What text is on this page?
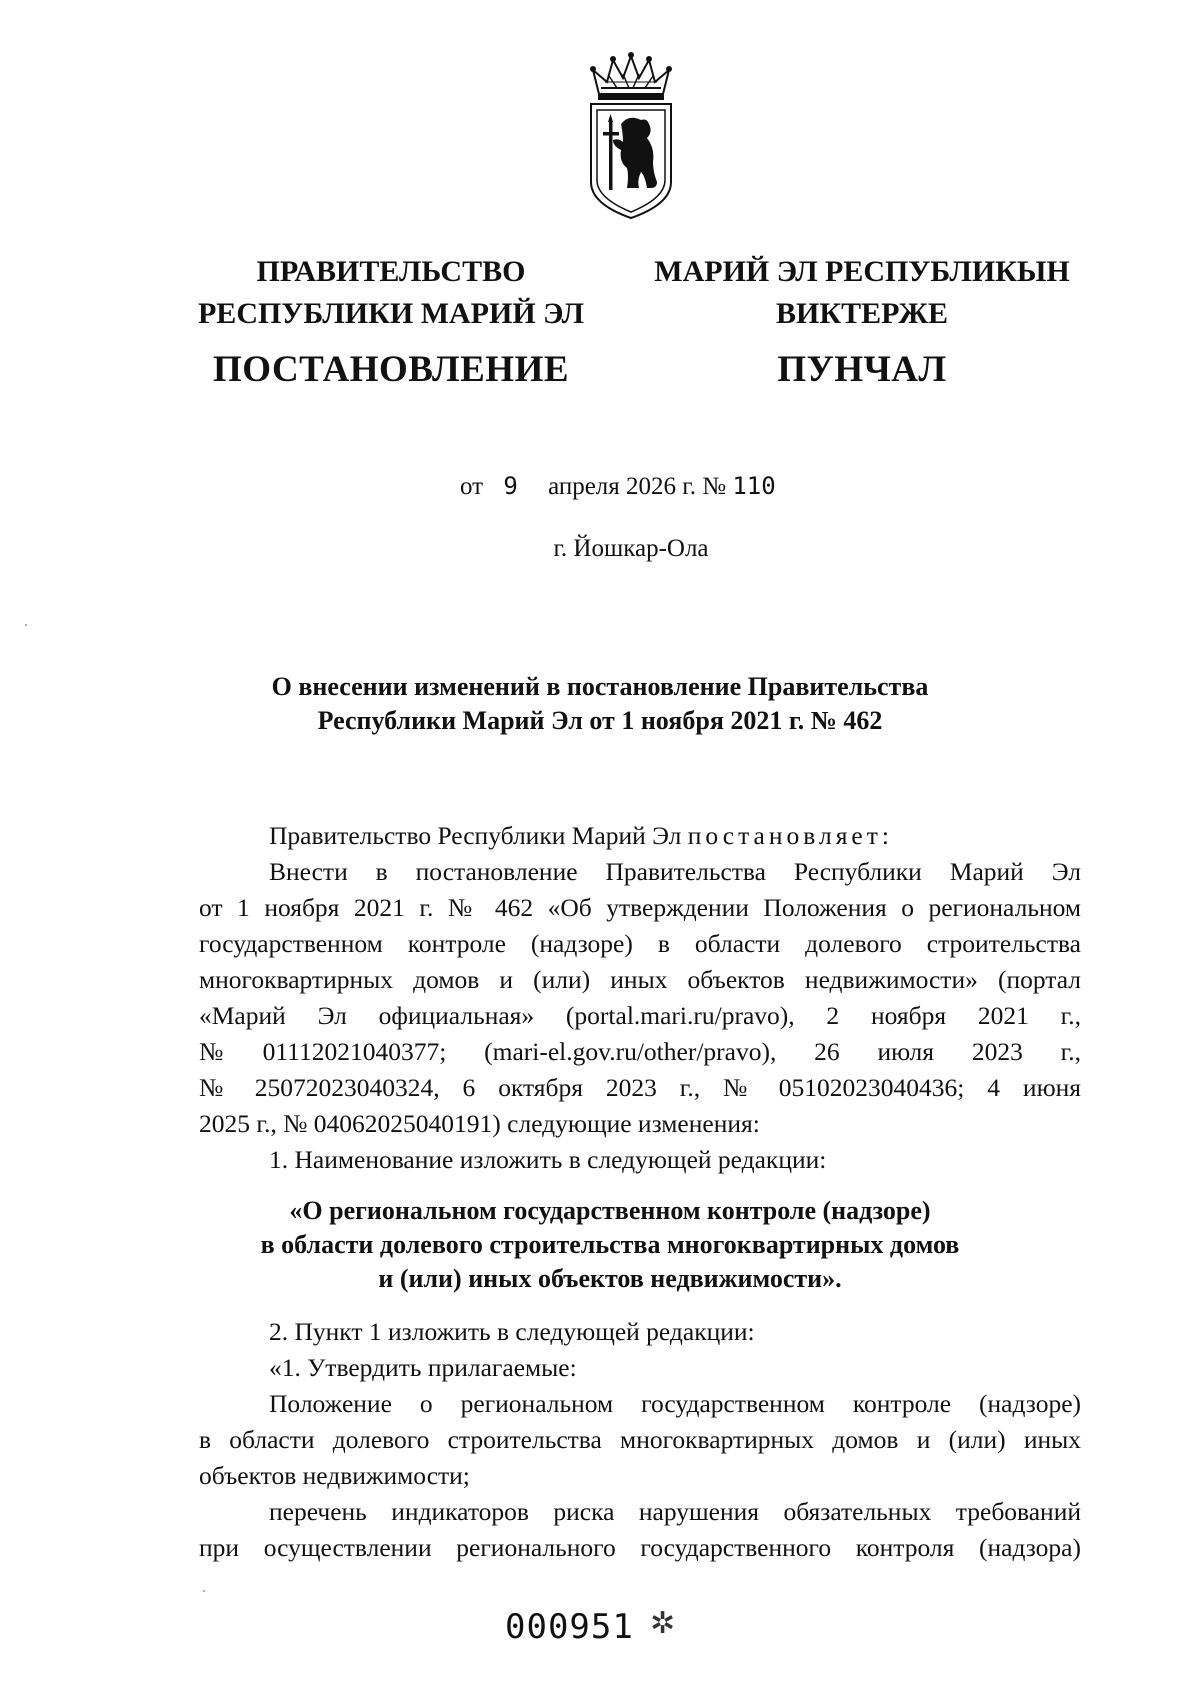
ПРАВИТЕЛЬСТВО
РЕСПУБЛИКИ МАРИЙ ЭЛ
ПОСТАНОВЛЕНИЕ
МАРИЙ ЭЛ РЕСПУБЛИКЫН
ВИКТЕРЖЕ
ПУНЧАЛ
от 9 апреля 2026 г. № 110
г. Йошкар-Ола
О внесении изменений в постановление Правительства
Республики Марий Эл от 1 ноября 2021 г. № 462

Правительство Республики Марий Эл постановляет:

Внести в постановление Правительства Республики Марий Эл

от 1 ноября 2021 г. № 462 «Об утверждении Положения о региональном

государственном контроле (надзоре) в области долевого строительства

многоквартирных домов и (или) иных объектов недвижимости» (портал

«Марий Эл официальная» (portal.mari.ru/pravo), 2 ноября 2021 г.,

№ 01112021040377; (mari-el.gov.ru/other/pravo), 26 июля 2023 г.,

№ 25072023040324, 6 октября 2023 г., № 05102023040436; 4 июня

2025 г., № 04062025040191) следующие изменения:

1. Наименование изложить в следующей редакции:

«О региональном государственном контроле (надзоре)
в области долевого строительства многоквартирных домов
и (или) иных объектов недвижимости».

2. Пункт 1 изложить в следующей редакции:

«1. Утвердить прилагаемые:

Положение о региональном государственном контроле (надзоре)

в области долевого строительства многоквартирных домов и (или) иных

объектов недвижимости;

перечень индикаторов риска нарушения обязательных требований

при осуществлении регионального государственного контроля (надзора)

000951 ✲
